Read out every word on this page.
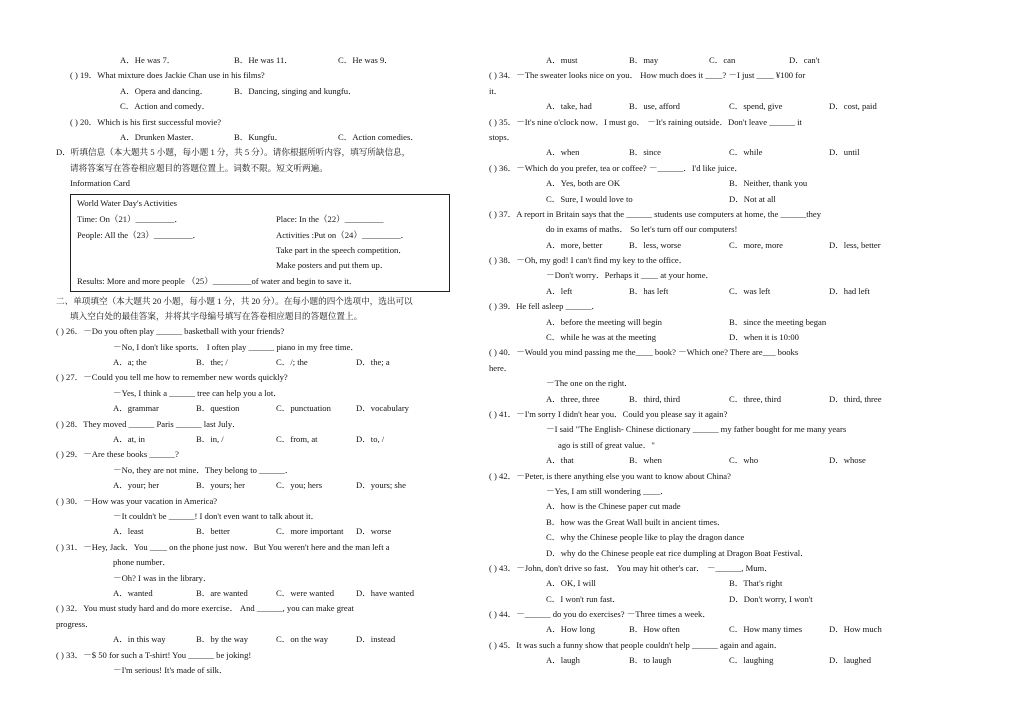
A．He was 7．	B．He was 11．	C．He was 9．
( ) 19．What mixture does Jackie Chan use in his films?
A．Opera and dancing．	B．Dancing, singing and kungfu．
C．Action and comedy．
( ) 20．Which is his first successful movie?
A．Drunken Master．	B．Kungfu．	C．Action comedies．
D．听填信息（本大题共 5 小题，每小题 1 分，共 5 分）。请你根据所听内容，填写所缺信息，
请将答案写在答卷相应题目的答题位置上。词数不限。短文听两遍。
Information Card
World Water Day's Activities
Time: On（21）_________．	Place: In the（22）_________
People: All the（23）_________．	Activities :Put on（24）_________．
Take part in the speech competition．
Make posters and put them up．
Results: More and more people （25）_________of water and begin to save it．
二、单项填空（本大题共 20 小题，每小题 1 分，共 20 分）。在每小题的四个选项中，选出可以
填入空白处的最佳答案，并将其字母编号填写在答卷相应题目的答题位置上。
( ) 26．－Do you often play ______ basketball with your friends?
－No, I don't like sports． I often play ______ piano in my free time．
A．a; the	B．the; /	C．/; the	D．the; a
( ) 27．－Could you tell me how to remember new words quickly?
－Yes, I think a ______ tree can help you a lot．
A．grammar	B．question	C．punctuation	D．vocabulary
( ) 28．They moved ______ Paris ______ last July．
A．at, in	B．in, /	C．from, at	D．to, /
( ) 29．－Are these books ______?
－No, they are not mine．They belong to ______．
A．your; her	B．yours; her	C．you; hers	D．yours; she
( ) 30．－How was your vacation in America?
－It couldn't be ______! I don't even want to talk about it．
A．least	B．better	C．more important D．worse
( ) 31．－Hey, Jack．You ____ on the phone just now．But You weren't here and the man left a
phone number．
－Oh? I was in the library．
A．wanted	B．are wanted	C．were wanted	D．have wanted
( ) 32．You must study hard and do more exercise． And ______, you can make great
progress．
A．in this way	B．by the way	C．on the way	D．instead
( ) 33．－$ 50 for such a T-shirt! You ______ be joking!
－I'm serious! It's made of silk．
A．must	B．may	C．can	D．can't
( ) 34．－The sweater looks nice on you． How much does it ____? －I just ____ ¥100 for
it．
A．take, had	B．use, afford	C．spend, give	D．cost, paid
( ) 35．－It's nine o'clock now．I must go． －It's raining outside．Don't leave ______ it
stops．
A．when	B．since	C．while	D．until
( ) 36．－Which do you prefer, tea or coffee? －______．I'd like juice．
A．Yes, both are OK	B．Neither, thank you
C．Sure, I would love to	D．Not at all
( ) 37．A report in Britain says that the ______ students use computers at home, the ______they
do in exams of maths． So let's turn off our computers!
A．more, better	B．less, worse	C．more, more	D．less, better
( ) 38．－Oh, my god! I can't find my key to the office．
－Don't worry．Perhaps it ____ at your home．
A．left	B．has left	C．was left	D．had left
( ) 39．He fell asleep ______．
A．before the meeting will begin	B．since the meeting began
C．while he was at the meeting	D．when it is 10:00
( ) 40．－Would you mind passing me the____ book? －Which one? There are___ books
here．
－The one on the right．
A．three, three	B．third, third	C．three, third	D．third, three
( ) 41．－I'm sorry I didn't hear you．Could you please say it again?
－I said "The English- Chinese dictionary ______ my father bought for me many years
ago is still of great value．"
A．that	B．when	C．who	D．whose
( ) 42．－Peter, is there anything else you want to know about China?
－Yes, I am still wondering ____．
A．how is the Chinese paper cut made
B．how was the Great Wall built in ancient times．
C．why the Chinese people like to play the dragon dance
D．why do the Chinese people eat rice dumpling at Dragon Boat Festival．
( ) 43．－John, don't drive so fast． You may hit other's car． －______, Mum．
A．OK, I will	B．That's right
C．I won't run fast．	D．Don't worry, I won't
( ) 44．－______ do you do exercises? －Three times a week．
A．How long	B．How often	C．How many times	D．How much
( ) 45．It was such a funny show that people couldn't help ______ again and again．
A．laugh	B．to laugh	C．laughing	D．laughed
